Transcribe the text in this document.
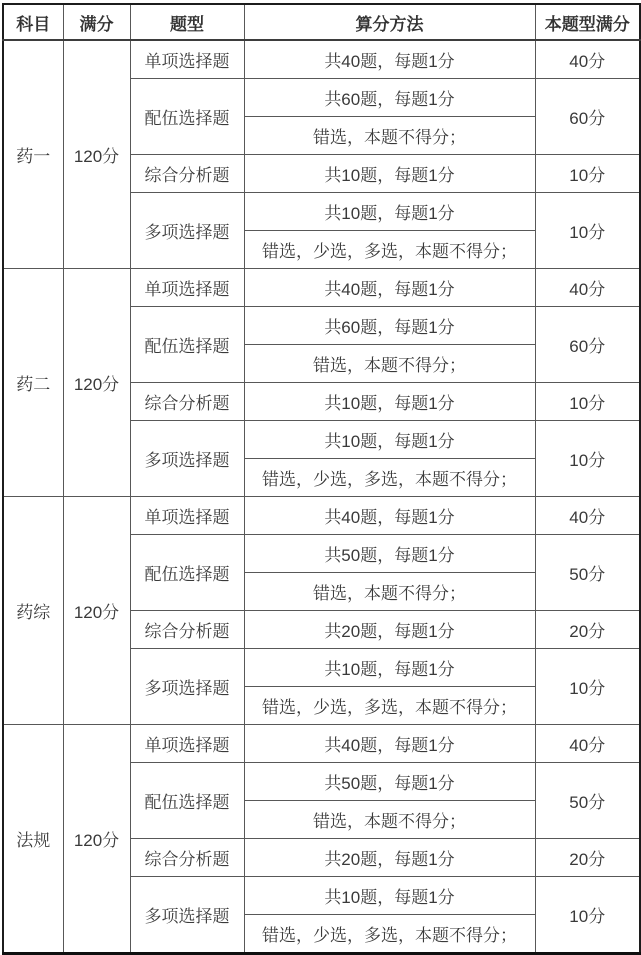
科目	满分	题型	算分方法	本题型满分
药一	120分	单项选择题	共40题，每题1分	40分
		配伍选择题	共60题，每题1分	60分
			错选，本题不得分；	
		综合分析题	共10题，每题1分	10分
		多项选择题	共10题，每题1分	10分
			错选，少选，多选，本题不得分；	
药二	120分	单项选择题	共40题，每题1分	40分
		配伍选择题	共60题，每题1分	60分
			错选，本题不得分；	
		综合分析题	共10题，每题1分	10分
		多项选择题	共10题，每题1分	10分
			错选，少选，多选，本题不得分；	
药综	120分	单项选择题	共40题，每题1分	40分
		配伍选择题	共50题，每题1分	50分
			错选，本题不得分；	
		综合分析题	共20题，每题1分	20分
		多项选择题	共10题，每题1分	10分
			错选，少选，多选，本题不得分；	
法规	120分	单项选择题	共40题，每题1分	40分
		配伍选择题	共50题，每题1分	50分
			错选，本题不得分；	
		综合分析题	共20题，每题1分	20分
		多项选择题	共10题，每题1分	10分
			错选，少选，多选，本题不得分；	
